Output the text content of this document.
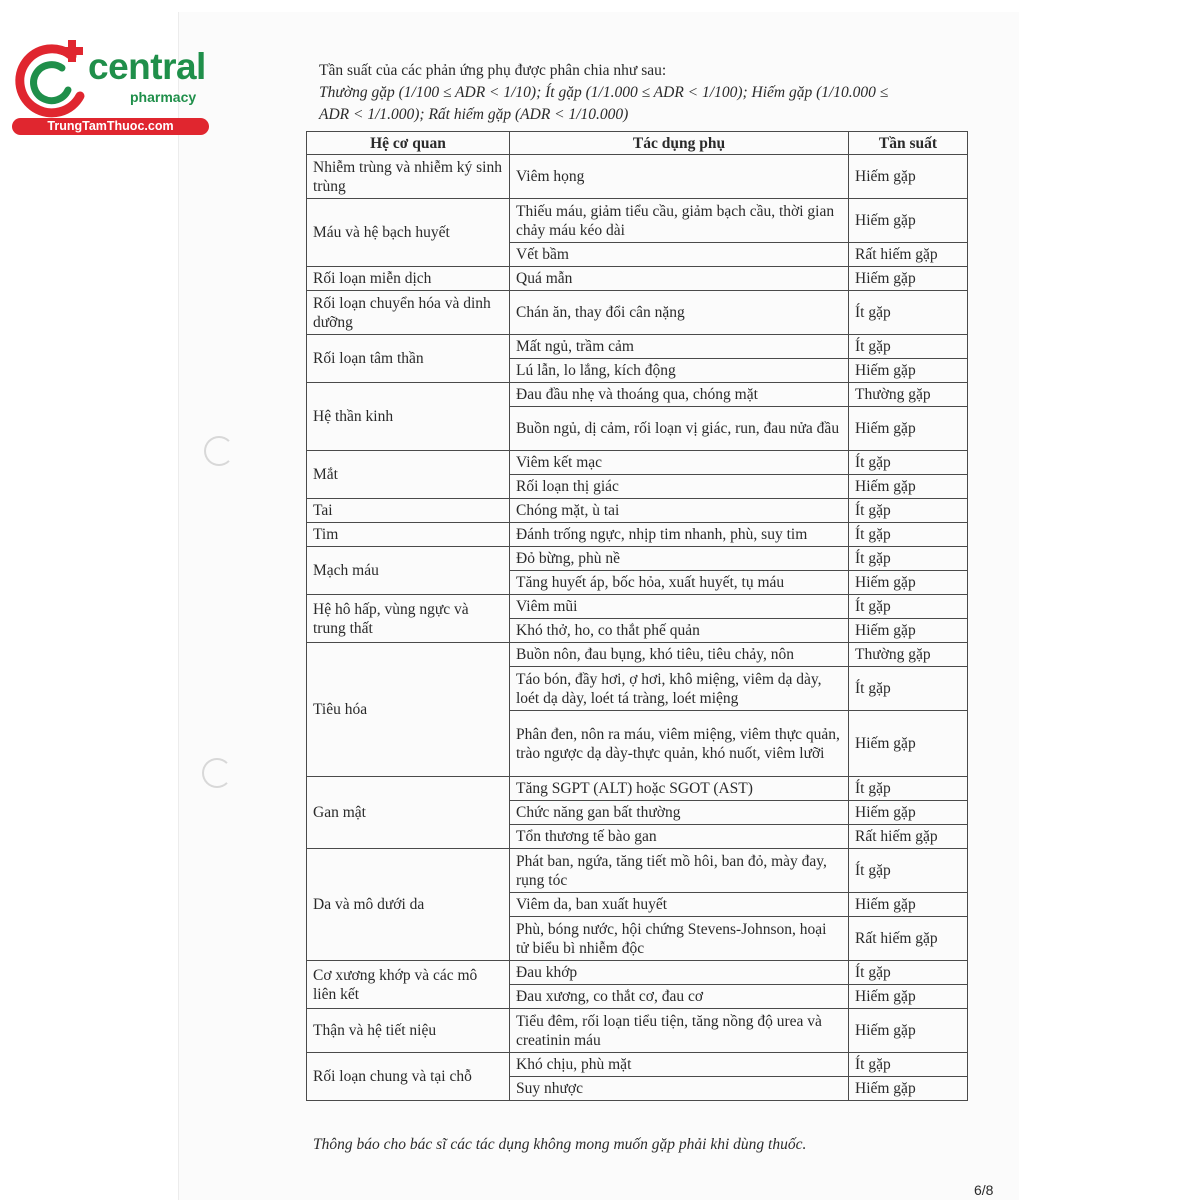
central
pharmacy
TrungTamThuoc.com
Tần suất của các phản ứng phụ được phân chia như sau:
Thường gặp (1/100 ≤ ADR < 1/10); Ít gặp (1/1.000 ≤ ADR < 1/100); Hiếm gặp (1/10.000 ≤
ADR < 1/1.000); Rất hiếm gặp (ADR < 1/10.000)
Hệ cơ quan	Tác dụng phụ	Tần suất
Nhiễm trùng và nhiễm ký sinh trùng	Viêm họng	Hiếm gặp
Máu và hệ bạch huyết	Thiếu máu, giảm tiểu cầu, giảm bạch cầu, thời gian chảy máu kéo dài	Hiếm gặp
	Vết bầm	Rất hiếm gặp
Rối loạn miễn dịch	Quá mẫn	Hiếm gặp
Rối loạn chuyển hóa và dinh dưỡng	Chán ăn, thay đổi cân nặng	Ít gặp
Rối loạn tâm thần	Mất ngủ, trầm cảm	Ít gặp
	Lú lẫn, lo lắng, kích động	Hiếm gặp
Hệ thần kinh	Đau đầu nhẹ và thoáng qua, chóng mặt	Thường gặp
	Buồn ngủ, dị cảm, rối loạn vị giác, run, đau nửa đầu	Hiếm gặp
Mắt	Viêm kết mạc	Ít gặp
	Rối loạn thị giác	Hiếm gặp
Tai	Chóng mặt, ù tai	Ít gặp
Tim	Đánh trống ngực, nhịp tim nhanh, phù, suy tim	Ít gặp
Mạch máu	Đỏ bừng, phù nề	Ít gặp
	Tăng huyết áp, bốc hỏa, xuất huyết, tụ máu	Hiếm gặp
Hệ hô hấp, vùng ngực và trung thất	Viêm mũi	Ít gặp
	Khó thở, ho, co thắt phế quản	Hiếm gặp
Tiêu hóa	Buồn nôn, đau bụng, khó tiêu, tiêu chảy, nôn	Thường gặp
	Táo bón, đầy hơi, ợ hơi, khô miệng, viêm dạ dày, loét dạ dày, loét tá tràng, loét miệng	Ít gặp
	Phân đen, nôn ra máu, viêm miệng, viêm thực quản, trào ngược dạ dày-thực quản, khó nuốt, viêm lưỡi	Hiếm gặp
Gan mật	Tăng SGPT (ALT) hoặc SGOT (AST)	Ít gặp
	Chức năng gan bất thường	Hiếm gặp
	Tổn thương tế bào gan	Rất hiếm gặp
Da và mô dưới da	Phát ban, ngứa, tăng tiết mồ hôi, ban đỏ, mày đay, rụng tóc	Ít gặp
	Viêm da, ban xuất huyết	Hiếm gặp
	Phù, bóng nước, hội chứng Stevens-Johnson, hoại tử biểu bì nhiễm độc	Rất hiếm gặp
Cơ xương khớp và các mô liên kết	Đau khớp	Ít gặp
	Đau xương, co thắt cơ, đau cơ	Hiếm gặp
Thận và hệ tiết niệu	Tiểu đêm, rối loạn tiểu tiện, tăng nồng độ urea và creatinin máu	Hiếm gặp
Rối loạn chung và tại chỗ	Khó chịu, phù mặt	Ít gặp
	Suy nhược	Hiếm gặp
Thông báo cho bác sĩ các tác dụng không mong muốn gặp phải khi dùng thuốc.
6/8
